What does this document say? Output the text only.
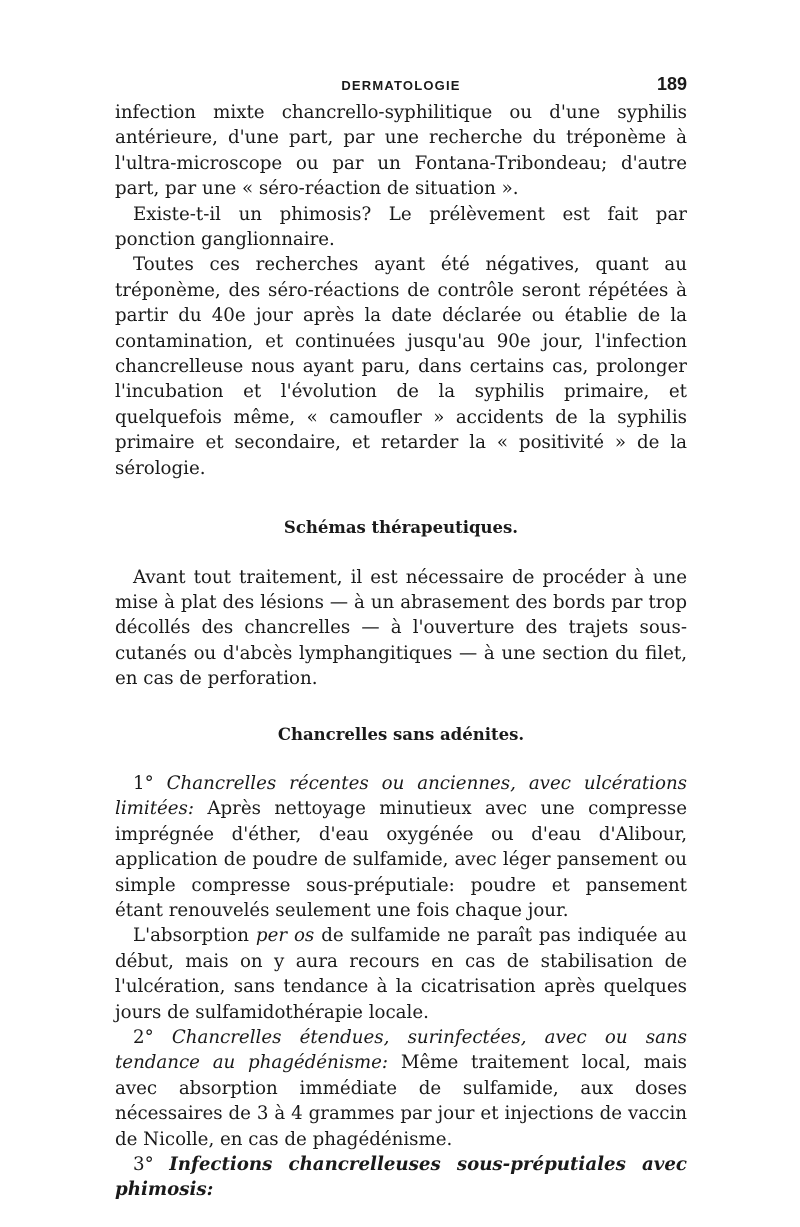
DERMATOLOGIE	189

infection mixte chancrello-syphilitique ou d'une syphilis antérieure, d'une part, par une recherche du tréponème à l'ultra-microscope ou par un Fontana-Tribondeau; d'autre part, par une « séro-réaction de situation ».

Existe-t-il un phimosis? Le prélèvement est fait par ponction ganglionnaire.

Toutes ces recherches ayant été négatives, quant au tréponème, des séro-réactions de contrôle seront répétées à partir du 40e jour après la date déclarée ou établie de la contamination, et continuées jusqu'au 90e jour, l'infection chancrelleuse nous ayant paru, dans certains cas, prolonger l'incubation et l'évolution de la syphilis primaire, et quelquefois même, « camoufler » accidents de la syphilis primaire et secondaire, et retarder la « positivité » de la sérologie.

Schémas thérapeutiques.

Avant tout traitement, il est nécessaire de procéder à une mise à plat des lésions — à un abrasement des bords par trop décollés des chancrelles — à l'ouverture des trajets sous-cutanés ou d'abcès lymphangitiques — à une section du filet, en cas de perforation.

Chancrelles sans adénites.

1° Chancrelles récentes ou anciennes, avec ulcérations limitées: Après nettoyage minutieux avec une compresse imprégnée d'éther, d'eau oxygénée ou d'eau d'Alibour, application de poudre de sulfamide, avec léger pansement ou simple compresse sous-préputiale: poudre et pansement étant renouvelés seulement une fois chaque jour.

L'absorption per os de sulfamide ne paraît pas indiquée au début, mais on y aura recours en cas de stabilisation de l'ulcération, sans tendance à la cicatrisation après quelques jours de sulfamidothérapie locale.

2° Chancrelles étendues, surinfectées, avec ou sans tendance au phagédénisme: Même traitement local, mais avec absorption immédiate de sulfamide, aux doses nécessaires de 3 à 4 grammes par jour et injections de vaccin de Nicolle, en cas de phagédénisme.

3° Infections chancrelleuses sous-préputiales avec phimosis:
